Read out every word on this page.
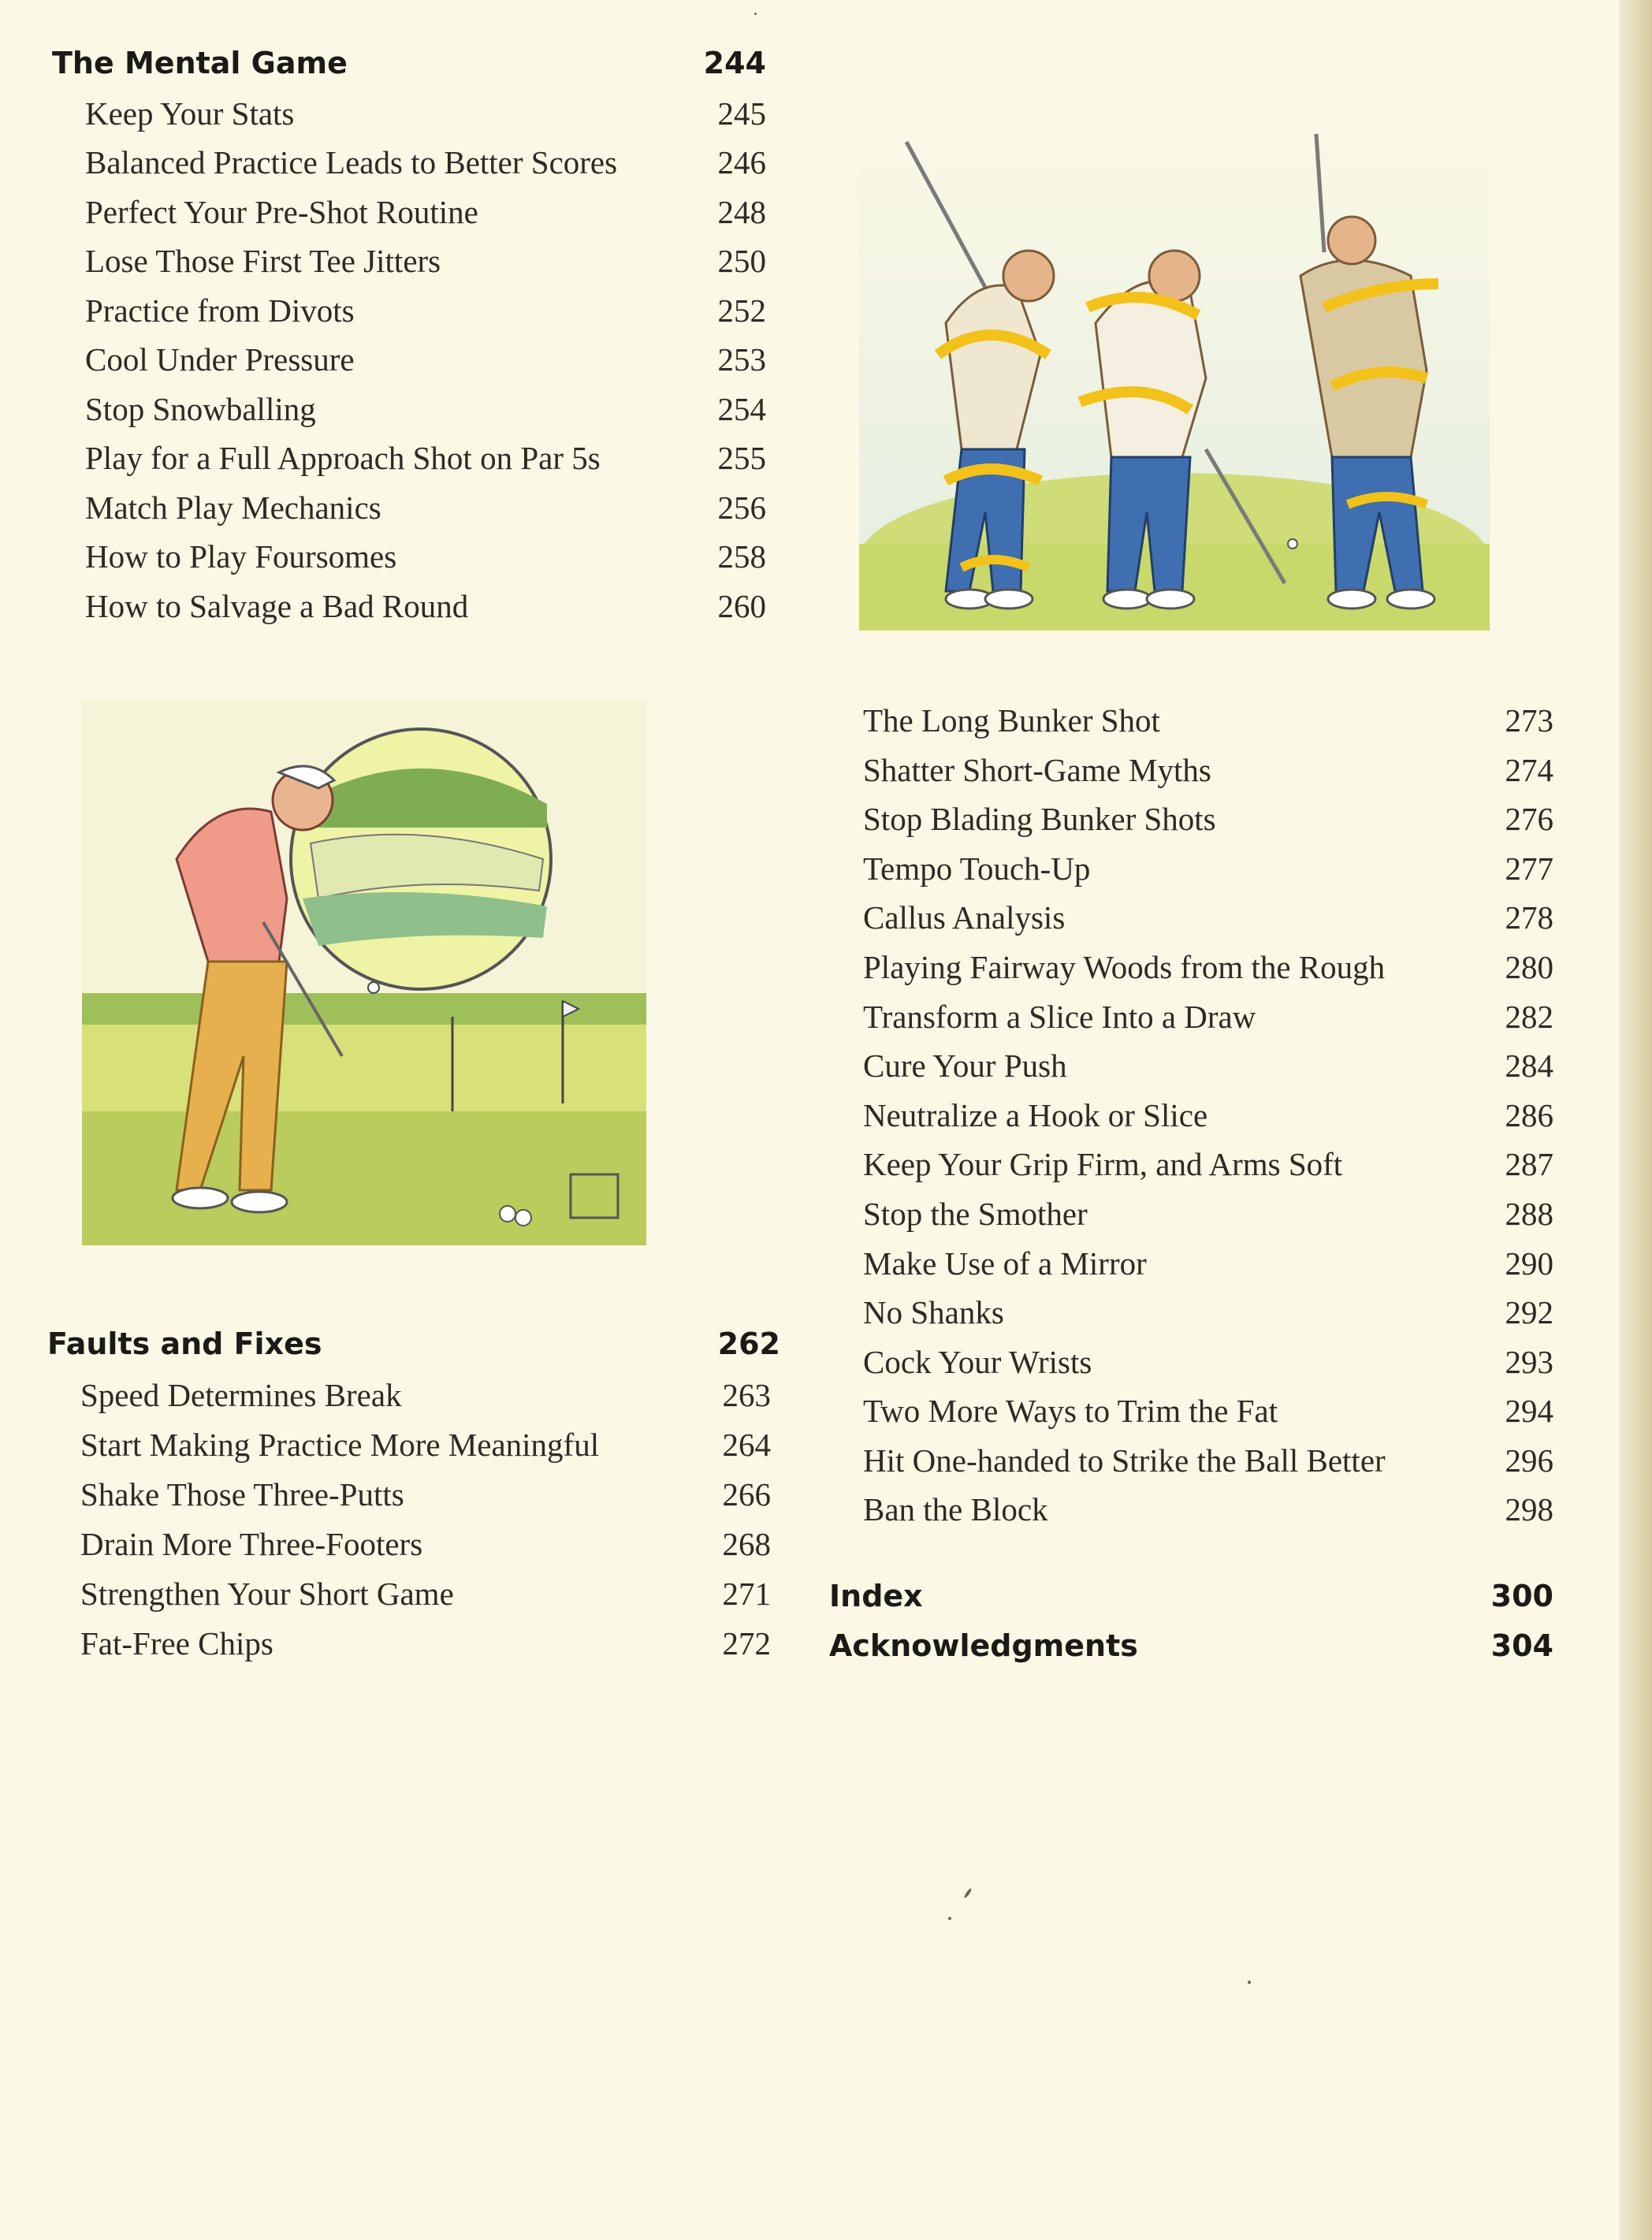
The Mental Game	244
Keep Your Stats	245
Balanced Practice Leads to Better Scores	246
Perfect Your Pre-Shot Routine	248
Lose Those First Tee Jitters	250
Practice from Divots	252
Cool Under Pressure	253
Stop Snowballing	254
Play for a Full Approach Shot on Par 5s	255
Match Play Mechanics	256
How to Play Foursomes	258
How to Salvage a Bad Round	260
Faults and Fixes	262
Speed Determines Break	263
Start Making Practice More Meaningful	264
Shake Those Three-Putts	266
Drain More Three-Footers	268
Strengthen Your Short Game	271
Fat-Free Chips	272
The Long Bunker Shot	273
Shatter Short-Game Myths	274
Stop Blading Bunker Shots	276
Tempo Touch-Up	277
Callus Analysis	278
Playing Fairway Woods from the Rough	280
Transform a Slice Into a Draw	282
Cure Your Push	284
Neutralize a Hook or Slice	286
Keep Your Grip Firm, and Arms Soft	287
Stop the Smother	288
Make Use of a Mirror	290
No Shanks	292
Cock Your Wrists	293
Two More Ways to Trim the Fat	294
Hit One-handed to Strike the Ball Better	296
Ban the Block	298
Index	300
Acknowledgments	304
